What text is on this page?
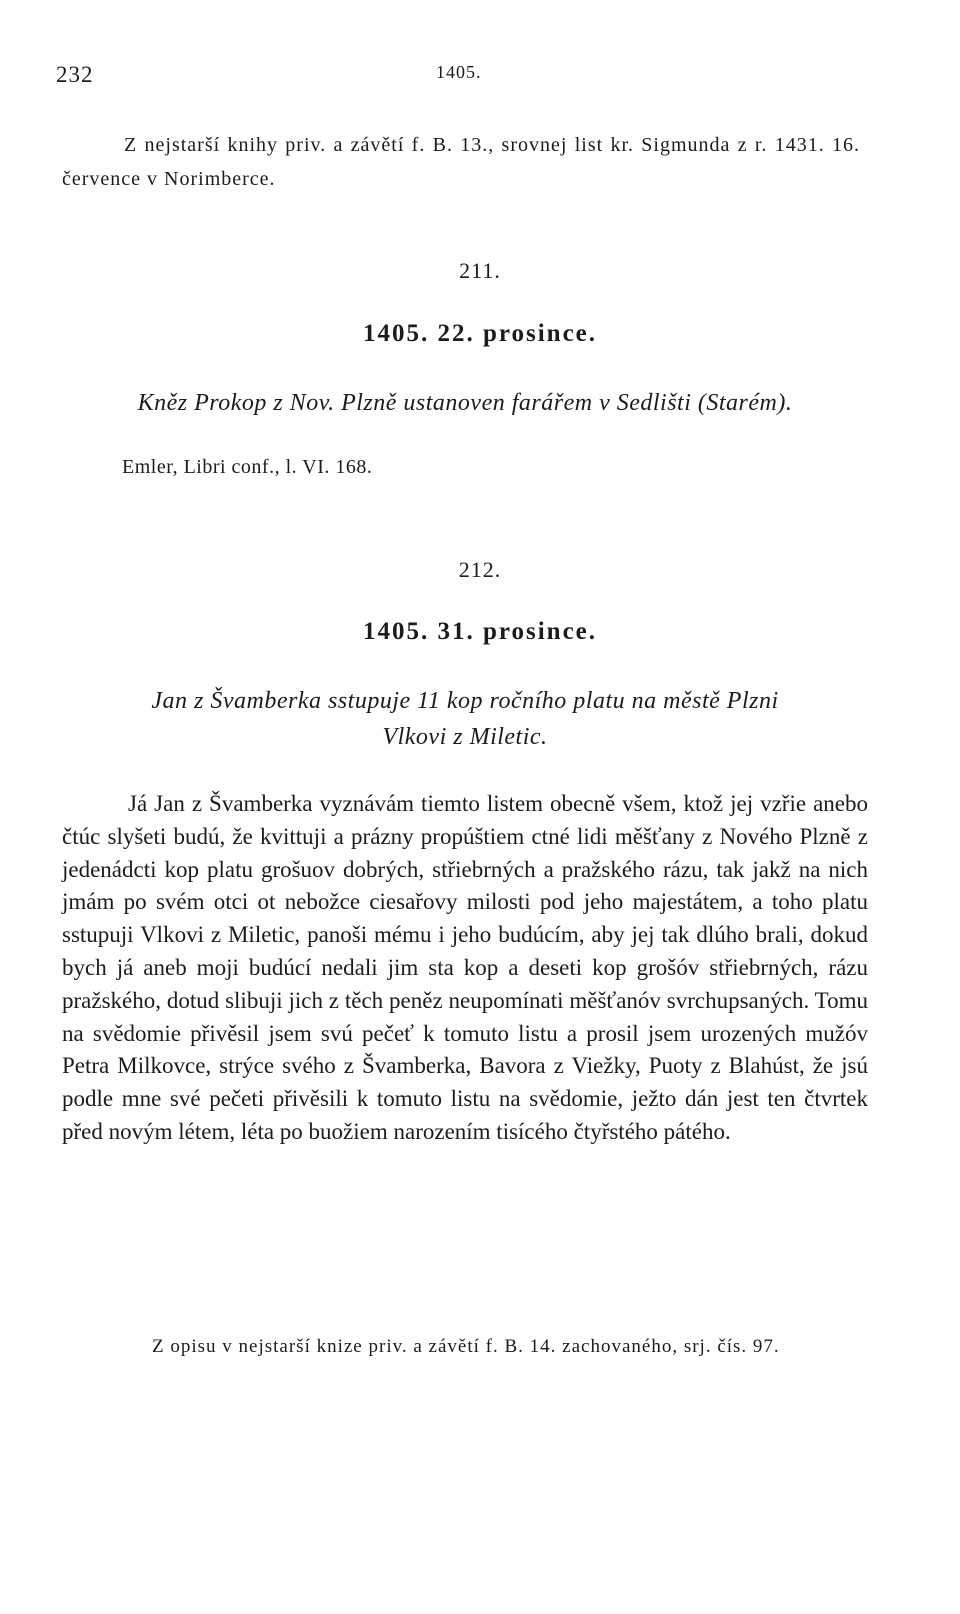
232	1405.
Z nejstarší knihy priv. a závětí f. B. 13., srovnej list kr. Sigmunda z r. 1431. 16. července v Norimberce.
211.
1405. 22. prosince.
Kněz Prokop z Nov. Plzně ustanoven farářem v Sedlišti (Starém).
Emler, Libri conf., l. VI. 168.
212.
1405. 31. prosince.
Jan z Švamberka sstupuje 11 kop ročního platu na městě Plzni
Vlkovi z Miletic.
Já Jan z Švamberka vyznávám tiemto listem obecně všem, ktož jej vzřie anebo čtúc slyšeti budú, že kvittuji a prázny propúštiem ctné lidi měšťany z Nového Plzně z jedenádcti kop platu grošuov dobrých, střiebrných a pražského rázu, tak jakž na nich jmám po svém otci ot nebožce ciesařovy milosti pod jeho majestátem, a toho platu sstupuji Vlkovi z Miletic, panoši mému i jeho budúcím, aby jej tak dlúho brali, dokud bych já aneb moji budúcí nedali jim sta kop a deseti kop grošóv střiebrných, rázu pražského, dotud slibuji jich z těch peněz neupomínati měšťanóv svrchupsaných. Tomu na svědomie přivěsil jsem svú pečeť k tomuto listu a prosil jsem urozených mužóv Petra Milkovce, strýce svého z Švamberka, Bavora z Viežky, Puoty z Blahúst, že jsú podle mne své pečeti přivěsili k tomuto listu na svědomie, ježto dán jest ten čtvrtek před novým létem, léta po buožiem narozením tisícého čtyřstého pátého.
Z opisu v nejstarší knize priv. a závětí f. B. 14. zachovaného, srj. čís. 97.
